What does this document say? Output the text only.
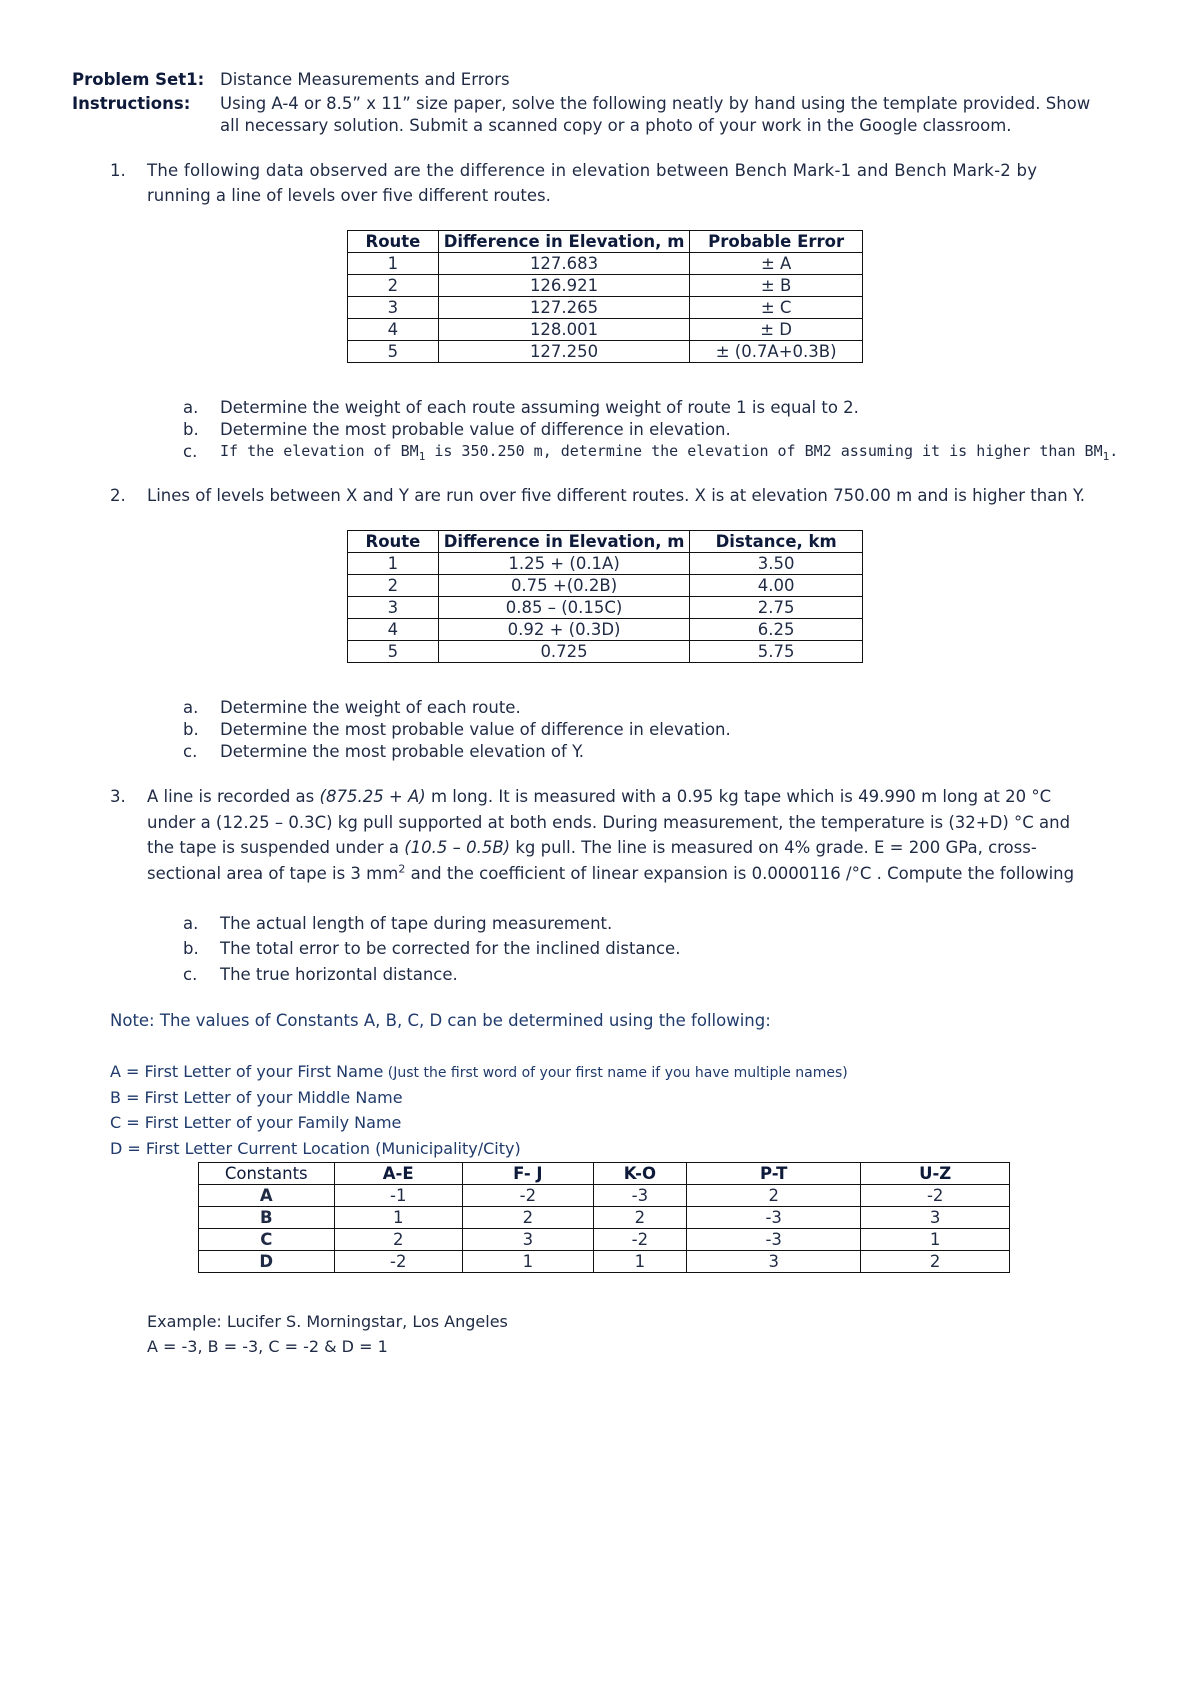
Problem Set1: Distance Measurements and Errors
Instructions: Using A-4 or 8.5” x 11” size paper, solve the following neatly by hand using the template provided. Show
all necessary solution. Submit a scanned copy or a photo of your work in the Google classroom.
1. The following data observed are the difference in elevation between Bench Mark-1 and Bench Mark-2 by
running a line of levels over five different routes.
Route	Difference in Elevation, m	Probable Error
1	127.683	± A
2	126.921	± B
3	127.265	± C
4	128.001	± D
5	127.250	± (0.7A+0.3B)
a. Determine the weight of each route assuming weight of route 1 is equal to 2.
b. Determine the most probable value of difference in elevation.
c. If the elevation of $BM_1$ is 350.250 m, determine the elevation of BM2 assuming it is higher than $BM_1$.
2. Lines of levels between X and Y are run over five different routes. X is at elevation 750.00 m and is higher than Y.
Route	Difference in Elevation, m	Distance, km
1	1.25 + (0.1A)	3.50
2	0.75 +(0.2B)	4.00
3	0.85 – (0.15C)	2.75
4	0.92 + (0.3D)	6.25
5	0.725	5.75
a. Determine the weight of each route.
b. Determine the most probable value of difference in elevation.
c. Determine the most probable elevation of Y.
3. A line is recorded as (875.25 + A) m long. It is measured with a 0.95 kg tape which is 49.990 m long at 20 °C
under a (12.25 – 0.3C) kg pull supported at both ends. During measurement, the temperature is (32+D) °C and
the tape is suspended under a (10.5 – 0.5B) kg pull. The line is measured on 4% grade. E = 200 GPa, cross-
sectional area of tape is 3 $mm^2$ and the coefficient of linear expansion is 0.0000116 /°C . Compute the following
a. The actual length of tape during measurement.
b. The total error to be corrected for the inclined distance.
c. The true horizontal distance.
Note: The values of Constants A, B, C, D can be determined using the following:
A = First Letter of your First Name (Just the first word of your first name if you have multiple names)
B = First Letter of your Middle Name
C = First Letter of your Family Name
D = First Letter Current Location (Municipality/City)
Constants	A-E	F- J	K-O	P-T	U-Z
A	-1	-2	-3	2	-2
B	1	2	2	-3	3
C	2	3	-2	-3	1
D	-2	1	1	3	2
Example: Lucifer S. Morningstar, Los Angeles
A = -3, B = -3, C = -2 & D = 1
